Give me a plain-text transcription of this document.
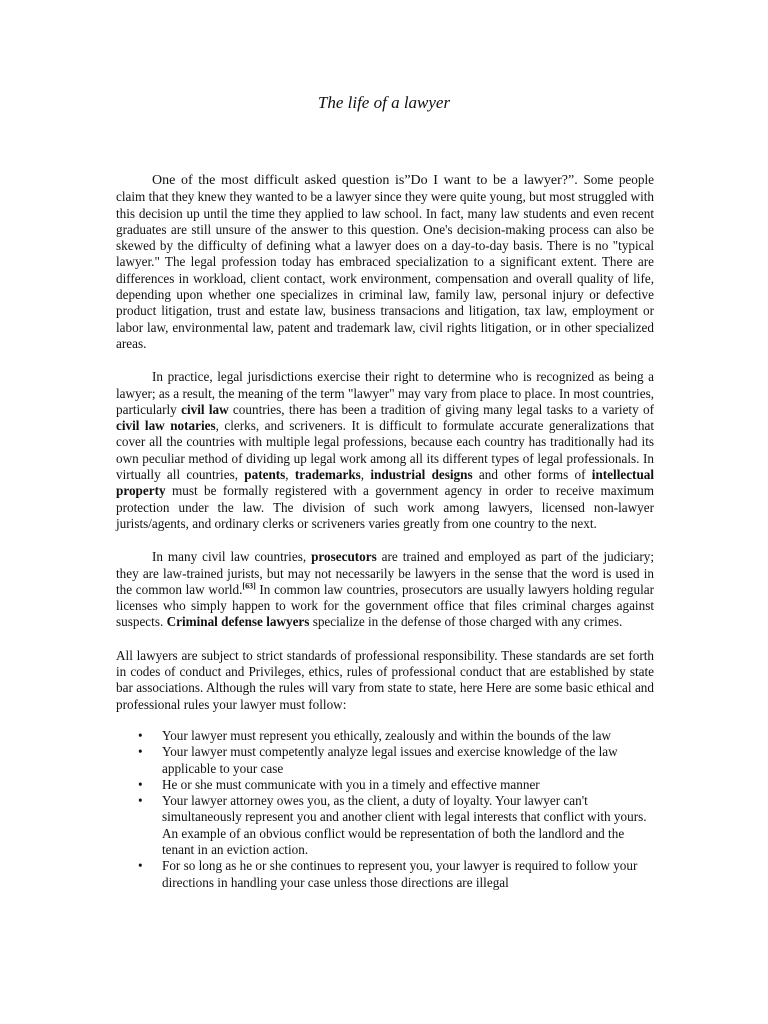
The life of a lawyer

One of the most difficult asked question is”Do I want to be a lawyer?”. Some people claim that they knew they wanted to be a lawyer since they were quite young, but most struggled with this decision up until the time they applied to law school. In fact, many law students and even recent graduates are still unsure of the answer to this question. One's decision-making process can also be skewed by the difficulty of defining what a lawyer does on a day-to-day basis. There is no "typical lawyer." The legal profession today has embraced specialization to a significant extent. There are differences in workload, client contact, work environment, compensation and overall quality of life, depending upon whether one specializes in criminal law, family law, personal injury or defective product litigation, trust and estate law, business transacions and litigation, tax law, employment or labor law, environmental law, patent and trademark law, civil rights litigation, or in other specialized areas.

In practice, legal jurisdictions exercise their right to determine who is recognized as being a lawyer; as a result, the meaning of the term "lawyer" may vary from place to place. In most countries, particularly civil law countries, there has been a tradition of giving many legal tasks to a variety of civil law notaries, clerks, and scriveners. It is difficult to formulate accurate generalizations that cover all the countries with multiple legal professions, because each country has traditionally had its own peculiar method of dividing up legal work among all its different types of legal professionals. In virtually all countries, patents, trademarks, industrial designs and other forms of intellectual property must be formally registered with a government agency in order to receive maximum protection under the law. The division of such work among lawyers, licensed non-lawyer jurists/agents, and ordinary clerks or scriveners varies greatly from one country to the next.

In many civil law countries, prosecutors are trained and employed as part of the judiciary; they are law-trained jurists, but may not necessarily be lawyers in the sense that the word is used in the common law world.[63] In common law countries, prosecutors are usually lawyers holding regular licenses who simply happen to work for the government office that files criminal charges against suspects. Criminal defense lawyers specialize in the defense of those charged with any crimes.

All lawyers are subject to strict standards of professional responsibility. These standards are set forth in codes of conduct and Privileges, ethics, rules of professional conduct that are established by state bar associations. Although the rules will vary from state to state, here Here are some basic ethical and professional rules your lawyer must follow:

• Your lawyer must represent you ethically, zealously and within the bounds of the law
• Your lawyer must competently analyze legal issues and exercise knowledge of the law applicable to your case
• He or she must communicate with you in a timely and effective manner
• Your lawyer attorney owes you, as the client, a duty of loyalty. Your lawyer can't simultaneously represent you and another client with legal interests that conflict with yours. An example of an obvious conflict would be representation of both the landlord and the tenant in an eviction action.
• For so long as he or she continues to represent you, your lawyer is required to follow your directions in handling your case unless those directions are illegal
